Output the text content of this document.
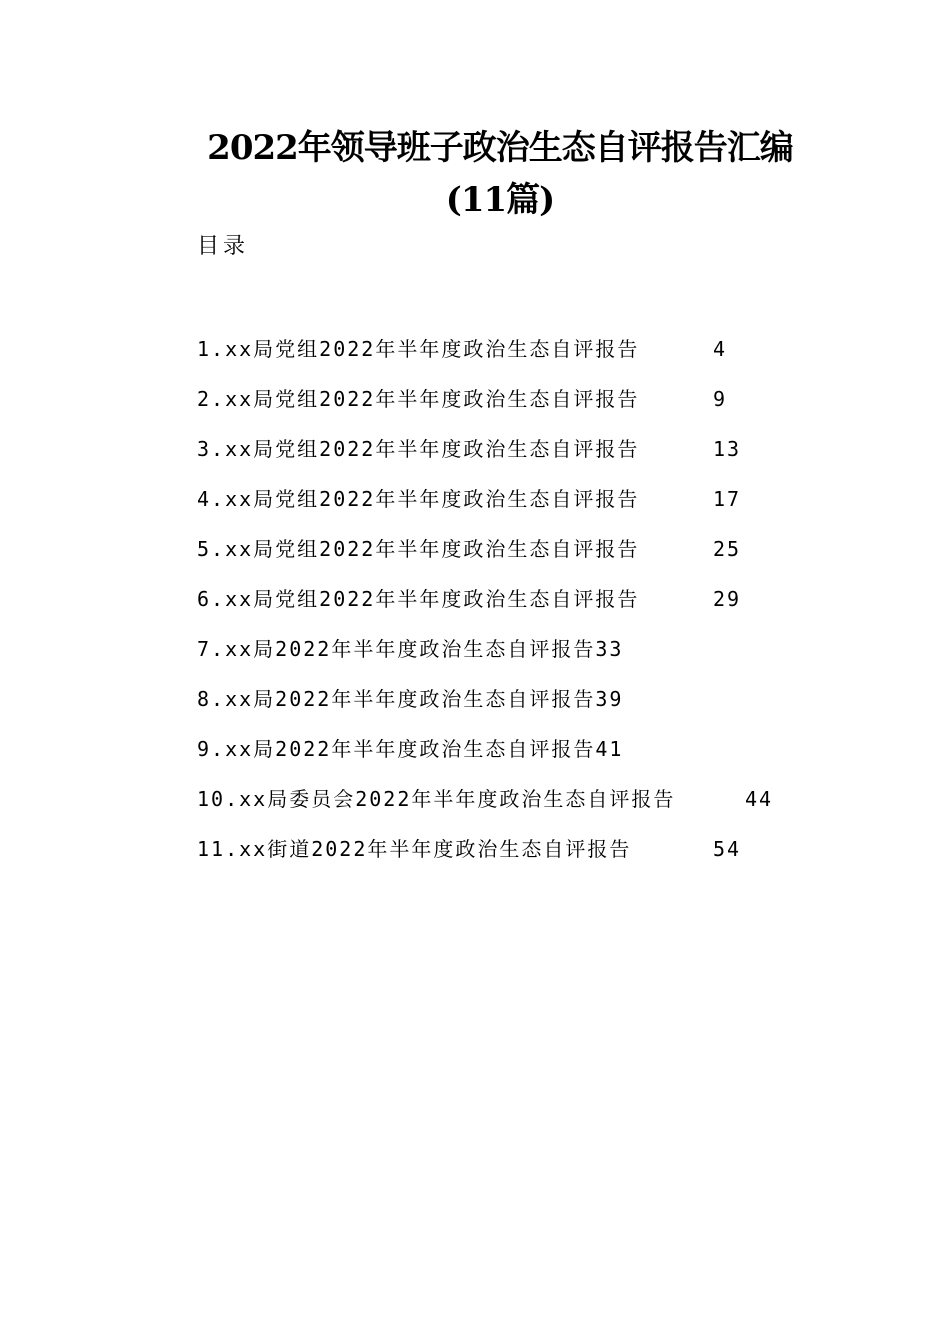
2022年领导班子政治生态自评报告汇编
(11篇)
目录
1.xx局党组2022年半年度政治生态自评报告	4
2.xx局党组2022年半年度政治生态自评报告	9
3.xx局党组2022年半年度政治生态自评报告	13
4.xx局党组2022年半年度政治生态自评报告	17
5.xx局党组2022年半年度政治生态自评报告	25
6.xx局党组2022年半年度政治生态自评报告	29
7.xx局2022年半年度政治生态自评报告 33
8.xx局2022年半年度政治生态自评报告 39
9.xx局2022年半年度政治生态自评报告 41
10.xx局委员会2022年半年度政治生态自评报告	44
11.xx街道2022年半年度政治生态自评报告	54
